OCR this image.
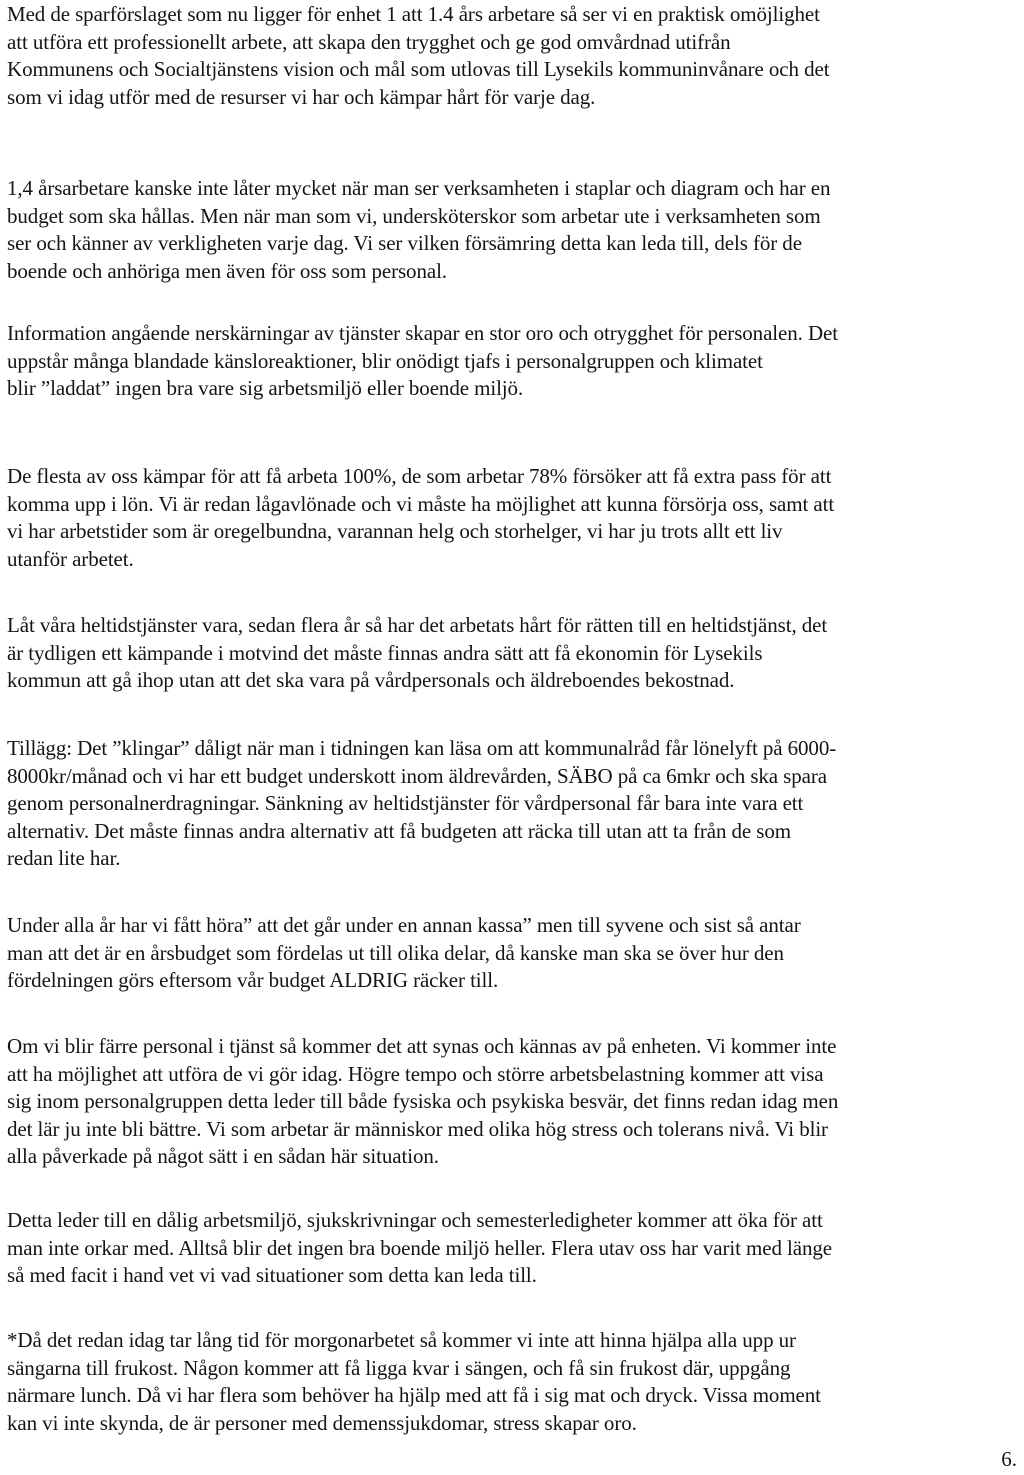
Med de sparförslaget som nu ligger för enhet 1 att 1.4 års arbetare så ser vi en praktisk omöjlighet
att utföra ett professionellt arbete, att skapa den trygghet och ge god omvårdnad utifrån
Kommunens och Socialtjänstens vision och mål som utlovas till Lysekils kommuninvånare och det
som vi idag utför med de resurser vi har och kämpar hårt för varje dag.

1,4 årsarbetare kanske inte låter mycket när man ser verksamheten i staplar och diagram och har en
budget som ska hållas. Men när man som vi, undersköterskor som arbetar ute i verksamheten som
ser och känner av verkligheten varje dag. Vi ser vilken försämring detta kan leda till, dels för de
boende och anhöriga men även för oss som personal.

Information angående nerskärningar av tjänster skapar en stor oro och otrygghet för personalen. Det
uppstår många blandade känsloreaktioner, blir onödigt tjafs i personalgruppen och klimatet
blir ”laddat” ingen bra vare sig arbetsmiljö eller boende miljö.

De flesta av oss kämpar för att få arbeta 100%, de som arbetar 78% försöker att få extra pass för att
komma upp i lön. Vi är redan lågavlönade och vi måste ha möjlighet att kunna försörja oss, samt att
vi har arbetstider som är oregelbundna, varannan helg och storhelger, vi har ju trots allt ett liv
utanför arbetet.

Låt våra heltidstjänster vara, sedan flera år så har det arbetats hårt för rätten till en heltidstjänst, det
är tydligen ett kämpande i motvind det måste finnas andra sätt att få ekonomin för Lysekils
kommun att gå ihop utan att det ska vara på vårdpersonals och äldreboendes bekostnad.

Tillägg: Det ”klingar” dåligt när man i tidningen kan läsa om att kommunalråd får lönelyft på 6000-
8000kr/månad och vi har ett budget underskott inom äldrevården, SÄBO på ca 6mkr och ska spara
genom personalnerdragningar. Sänkning av heltidstjänster för vårdpersonal får bara inte vara ett
alternativ. Det måste finnas andra alternativ att få budgeten att räcka till utan att ta från de som
redan lite har.

Under alla år har vi fått höra” att det går under en annan kassa” men till syvene och sist så antar
man att det är en årsbudget som fördelas ut till olika delar, då kanske man ska se över hur den
fördelningen görs eftersom vår budget ALDRIG räcker till.

Om vi blir färre personal i tjänst så kommer det att synas och kännas av på enheten. Vi kommer inte
att ha möjlighet att utföra de vi gör idag. Högre tempo och större arbetsbelastning kommer att visa
sig inom personalgruppen detta leder till både fysiska och psykiska besvär, det finns redan idag men
det lär ju inte bli bättre. Vi som arbetar är människor med olika hög stress och tolerans nivå. Vi blir
alla påverkade på något sätt i en sådan här situation.

Detta leder till en dålig arbetsmiljö, sjukskrivningar och semesterledigheter kommer att öka för att
man inte orkar med. Alltså blir det ingen bra boende miljö heller. Flera utav oss har varit med länge
så med facit i hand vet vi vad situationer som detta kan leda till.

*Då det redan idag tar lång tid för morgonarbetet så kommer vi inte att hinna hjälpa alla upp ur
sängarna till frukost. Någon kommer att få ligga kvar i sängen, och få sin frukost där, uppgång
närmare lunch. Då vi har flera som behöver ha hjälp med att få i sig mat och dryck. Vissa moment
kan vi inte skynda, de är personer med demenssjukdomar, stress skapar oro.

6.
